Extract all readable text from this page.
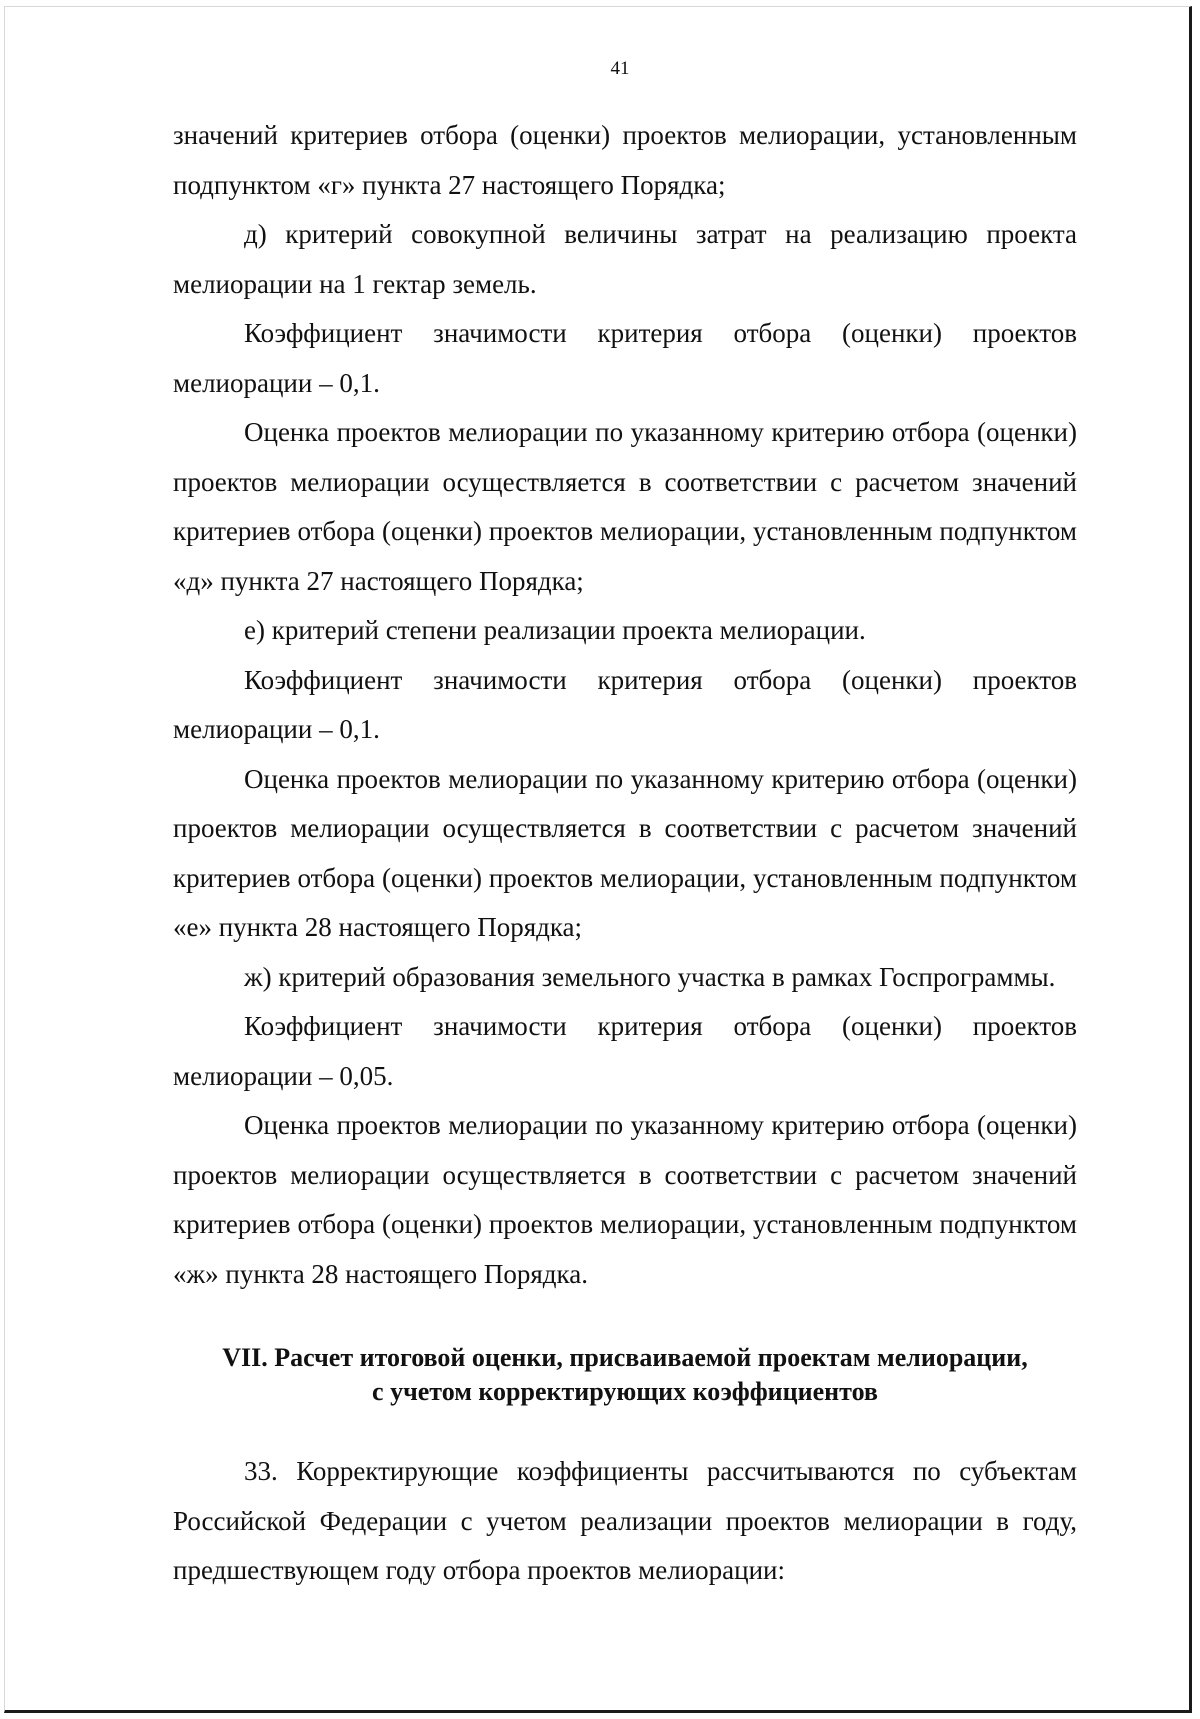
41

значений критериев отбора (оценки) проектов мелиорации, установленным подпунктом «г» пункта 27 настоящего Порядка;

д) критерий совокупной величины затрат на реализацию проекта мелиорации на 1 гектар земель.

Коэффициент значимости критерия отбора (оценки) проектов мелиорации – 0,1.

Оценка проектов мелиорации по указанному критерию отбора (оценки) проектов мелиорации осуществляется в соответствии с расчетом значений критериев отбора (оценки) проектов мелиорации, установленным подпунктом «д» пункта 27 настоящего Порядка;

е) критерий степени реализации проекта мелиорации.

Коэффициент значимости критерия отбора (оценки) проектов мелиорации – 0,1.

Оценка проектов мелиорации по указанному критерию отбора (оценки) проектов мелиорации осуществляется в соответствии с расчетом значений критериев отбора (оценки) проектов мелиорации, установленным подпунктом «е» пункта 28 настоящего Порядка;

ж) критерий образования земельного участка в рамках Госпрограммы.

Коэффициент значимости критерия отбора (оценки) проектов мелиорации – 0,05.

Оценка проектов мелиорации по указанному критерию отбора (оценки) проектов мелиорации осуществляется в соответствии с расчетом значений критериев отбора (оценки) проектов мелиорации, установленным подпунктом «ж» пункта 28 настоящего Порядка.

VII. Расчет итоговой оценки, присваиваемой проектам мелиорации,
с учетом корректирующих коэффициентов

33. Корректирующие коэффициенты рассчитываются по субъектам Российской Федерации с учетом реализации проектов мелиорации в году, предшествующем году отбора проектов мелиорации:
